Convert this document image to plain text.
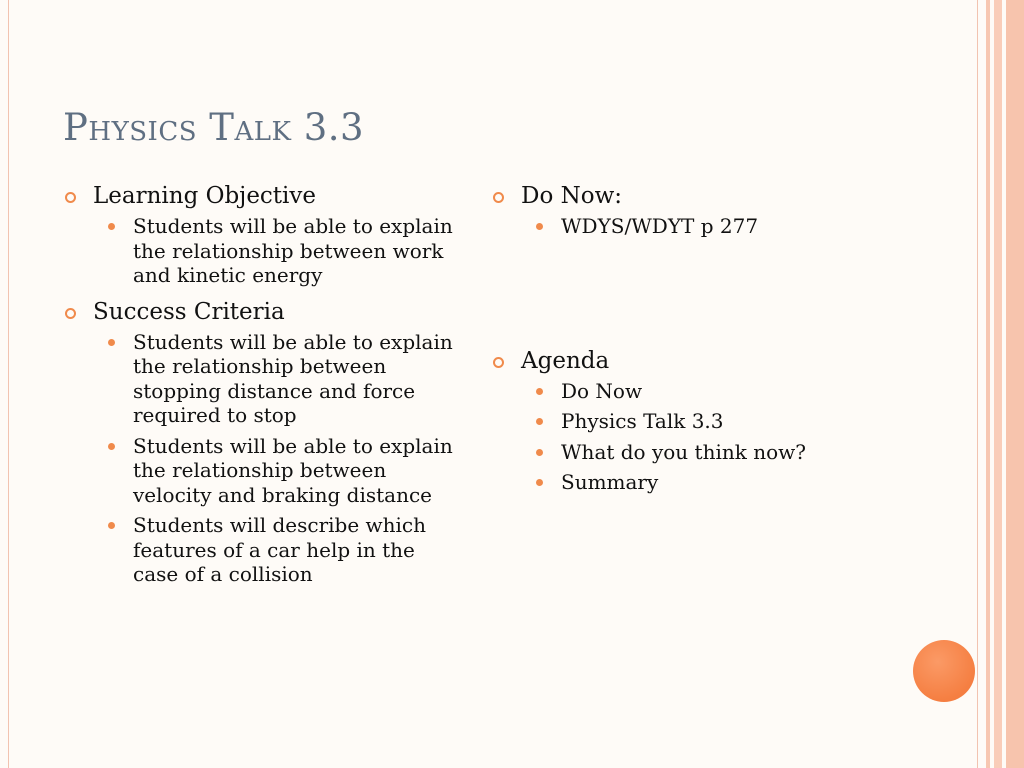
Physics Talk 3.3
Learning Objective
Students will be able to explain the relationship between work and kinetic energy
Success Criteria
Students will be able to explain the relationship between stopping distance and force required to stop
Students will be able to explain the relationship between velocity and braking distance
Students will describe which features of a car help in the case of a collision
Do Now:
WDYS/WDYT p 277
Agenda
Do Now
Physics Talk 3.3
What do you think now?
Summary
